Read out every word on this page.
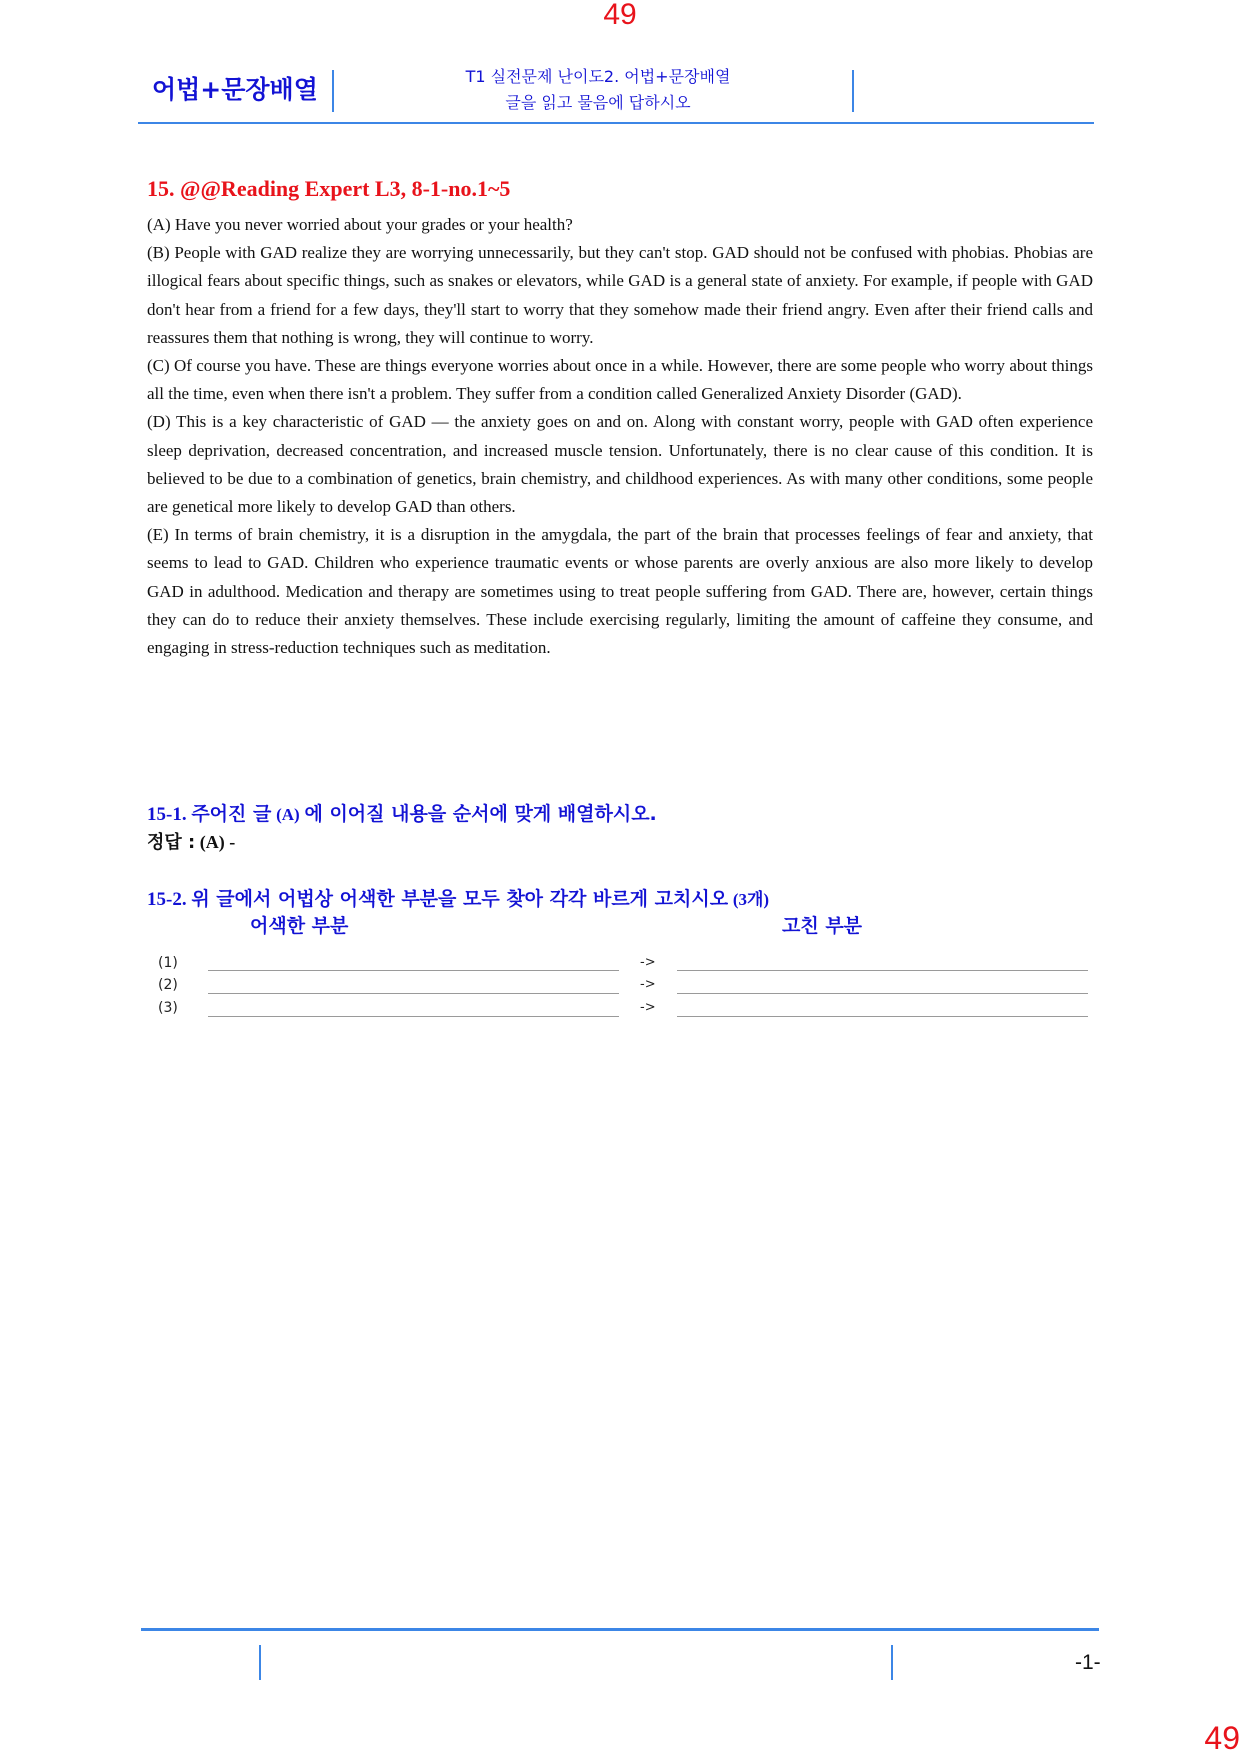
49
49
어법+문장배열	T1 실전문제 난이도2. 어법+문장배열
글을 읽고 물음에 답하시오
15. @@Reading Expert L3, 8-1-no.1~5

(A) Have you never worried about your grades or your health?

(B) People with GAD realize they are worrying unnecessarily, but they can't stop. GAD should not be confused with phobias. Phobias are illogical fears about specific things, such as snakes or elevators, while GAD is a general state of anxiety. For example, if people with GAD don't hear from a friend for a few days, they'll start to worry that they somehow made their friend angry. Even after their friend calls and reassures them that nothing is wrong, they will continue to worry.

(C) Of course you have. These are things everyone worries about once in a while. However, there are some people who worry about things all the time, even when there isn't a problem. They suffer from a condition called Generalized Anxiety Disorder (GAD).

(D) This is a key characteristic of GAD — the anxiety goes on and on. Along with constant worry, people with GAD often experience sleep deprivation, decreased concentration, and increased muscle tension. Unfortunately, there is no clear cause of this condition. It is believed to be due to a combination of genetics, brain chemistry, and childhood experiences. As with many other conditions, some people are genetical more likely to develop GAD than others.

(E) In terms of brain chemistry, it is a disruption in the amygdala, the part of the brain that processes feelings of fear and anxiety, that seems to lead to GAD. Children who experience traumatic events or whose parents are overly anxious are also more likely to develop GAD in adulthood. Medication and therapy are sometimes using to treat people suffering from GAD. There are, however, certain things they can do to reduce their anxiety themselves. These include exercising regularly, limiting the amount of caffeine they consume, and engaging in stress-reduction techniques such as meditation.

15-1. 주어진 글 (A) 에 이어질 내용을 순서에 맞게 배열하시오.
정답 : (A) -
15-2. 위 글에서 어법상 어색한 부분을 모두 찾아 각각 바르게 고치시오 (3개)
어색한 부분	고친 부분
(1)	->
(2)	->
(3)	->
-1-
